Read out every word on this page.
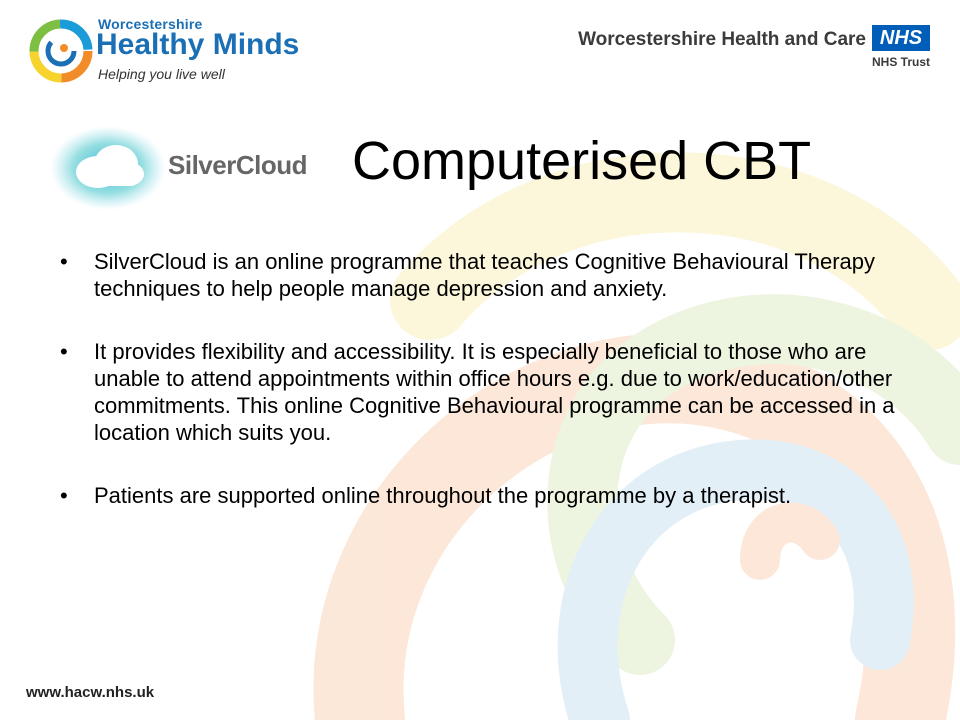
Worcestershire
Healthy Minds
Helping you live well
Worcestershire Health and Care NHS
NHS Trust
SilverCloud Computerised CBT
• SilverCloud is an online programme that teaches Cognitive Behavioural Therapy techniques to help people manage depression and anxiety.
• It provides flexibility and accessibility. It is especially beneficial to those who are unable to attend appointments within office hours e.g. due to work/education/other commitments. This online Cognitive Behavioural programme can be accessed in a location which suits you.
• Patients are supported online throughout the programme by a therapist.
www.hacw.nhs.uk
